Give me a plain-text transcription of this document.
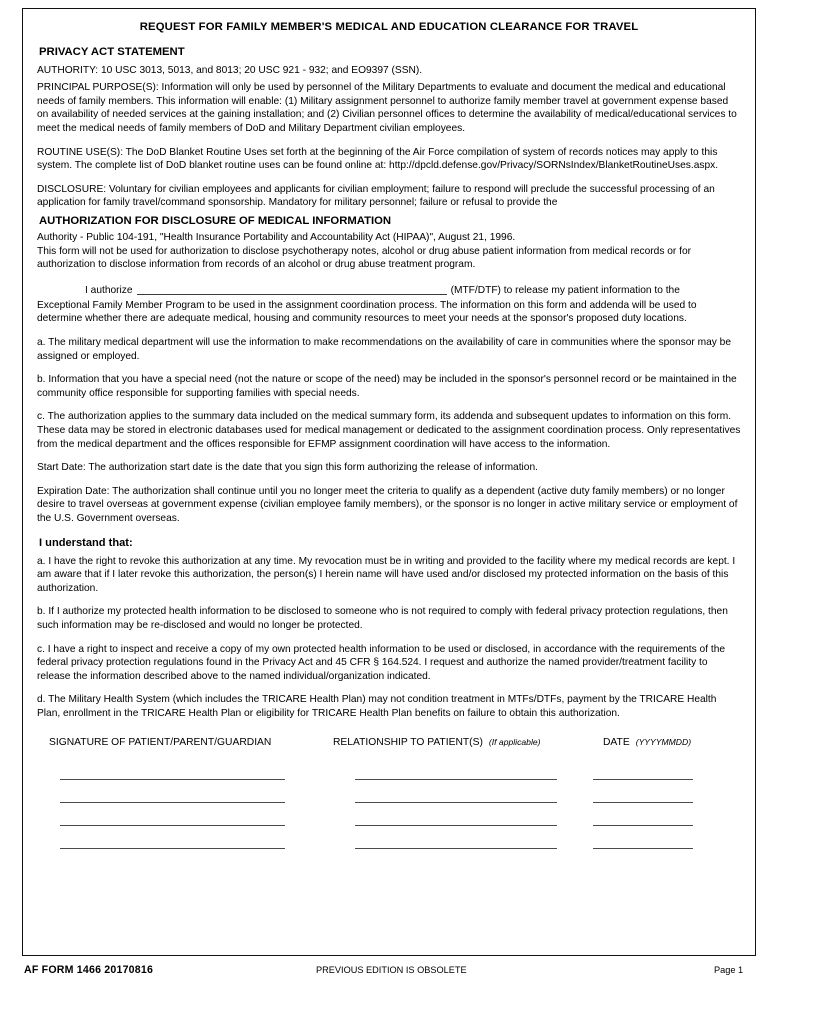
REQUEST FOR FAMILY MEMBER'S MEDICAL AND EDUCATION CLEARANCE FOR TRAVEL
PRIVACY ACT STATEMENT

AUTHORITY: 10 USC 3013, 5013, and 8013; 20 USC 921 - 932; and EO9397 (SSN).

PRINCIPAL PURPOSE(S): Information will only be used by personnel of the Military Departments to evaluate and document the medical and educational needs of family members. This information will enable: (1) Military assignment personnel to authorize family member travel at government expense based on availability of needed services at the gaining installation; and (2) Civilian personnel offices to determine the availability of medical/educational services to meet the medical needs of family members of DoD and Military Department civilian employees.

ROUTINE USE(S): The DoD Blanket Routine Uses set forth at the beginning of the Air Force compilation of system of records notices may apply to this system. The complete list of DoD blanket routine uses can be found online at: http://dpcld.defense.gov/Privacy/SORNsIndex/BlanketRoutineUses.aspx.

DISCLOSURE: Voluntary for civilian employees and applicants for civilian employment; failure to respond will preclude the successful processing of an application for family travel/command sponsorship. Mandatory for military personnel; failure or refusal to provide the

AUTHORIZATION FOR DISCLOSURE OF MEDICAL INFORMATION

Authority - Public 104-191, "Health Insurance Portability and Accountability Act (HIPAA)", August 21, 1996.

This form will not be used for authorization to disclose psychotherapy notes, alcohol or drug abuse patient information from medical records or for authorization to disclose information from records of an alcohol or drug abuse treatment program.

I authorize	(MTF/DTF) to release my patient information to the

Exceptional Family Member Program to be used in the assignment coordination process. The information on this form and addenda will be used to determine whether there are adequate medical, housing and community resources to meet your needs at the sponsor's proposed duty locations.

a. The military medical department will use the information to make recommendations on the availability of care in communities where the sponsor may be assigned or employed.

b. Information that you have a special need (not the nature or scope of the need) may be included in the sponsor's personnel record or be maintained in the community office responsible for supporting families with special needs.

c. The authorization applies to the summary data included on the medical summary form, its addenda and subsequent updates to information on this form. These data may be stored in electronic databases used for medical management or dedicated to the assignment coordination process. Only representatives from the medical department and the offices responsible for EFMP assignment coordination will have access to the information.

Start Date: The authorization start date is the date that you sign this form authorizing the release of information.

Expiration Date: The authorization shall continue until you no longer meet the criteria to qualify as a dependent (active duty family members) or no longer desire to travel overseas at government expense (civilian employee family members), or the sponsor is no longer in active military service or employment of the U.S. Government overseas.

I understand that:

a. I have the right to revoke this authorization at any time. My revocation must be in writing and provided to the facility where my medical records are kept. I am aware that if I later revoke this authorization, the person(s) I herein name will have used and/or disclosed my protected information on the basis of this authorization.

b. If I authorize my protected health information to be disclosed to someone who is not required to comply with federal privacy protection regulations, then such information may be re-disclosed and would no longer be protected.

c. I have a right to inspect and receive a copy of my own protected health information to be used or disclosed, in accordance with the requirements of the federal privacy protection regulations found in the Privacy Act and 45 CFR § 164.524. I request and authorize the named provider/treatment facility to release the information described above to the named individual/organization indicated.

d. The Military Health System (which includes the TRICARE Health Plan) may not condition treatment in MTFs/DTFs, payment by the TRICARE Health Plan, enrollment in the TRICARE Health Plan or eligibility for TRICARE Health Plan benefits on failure to obtain this authorization.

SIGNATURE OF PATIENT/PARENT/GUARDIAN	RELATIONSHIP TO PATIENT(S) (If applicable)	DATE (YYYYMMDD)
AF FORM 1466 20170816	PREVIOUS EDITION IS OBSOLETE	Page 1
